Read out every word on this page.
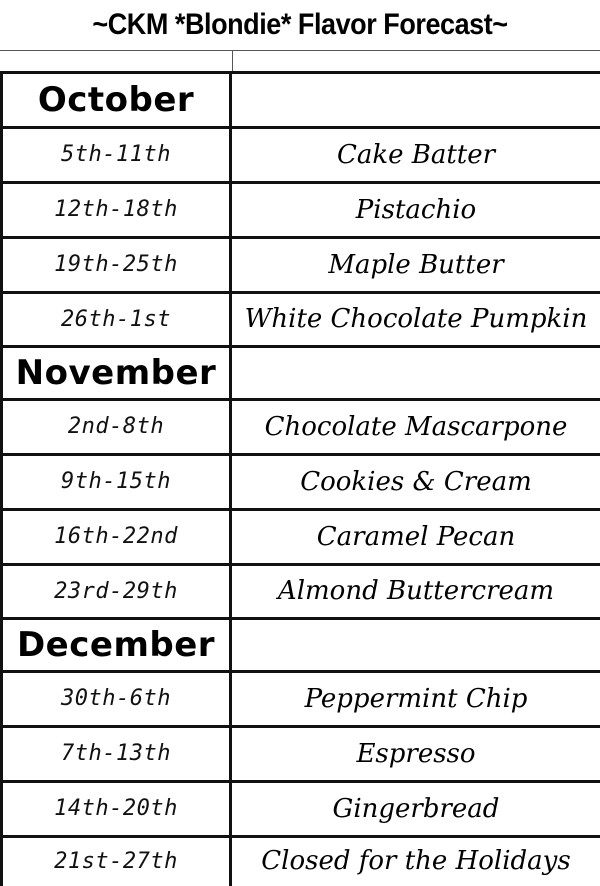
~CKM *Blondie* Flavor Forecast~
October
5th-11th	Cake Batter
12th-18th	Pistachio
19th-25th	Maple Butter
26th-1st	White Chocolate Pumpkin
November
2nd-8th	Chocolate Mascarpone
9th-15th	Cookies & Cream
16th-22nd	Caramel Pecan
23rd-29th	Almond Buttercream
December
30th-6th	Peppermint Chip
7th-13th	Espresso
14th-20th	Gingerbread
21st-27th	Closed for the Holidays
